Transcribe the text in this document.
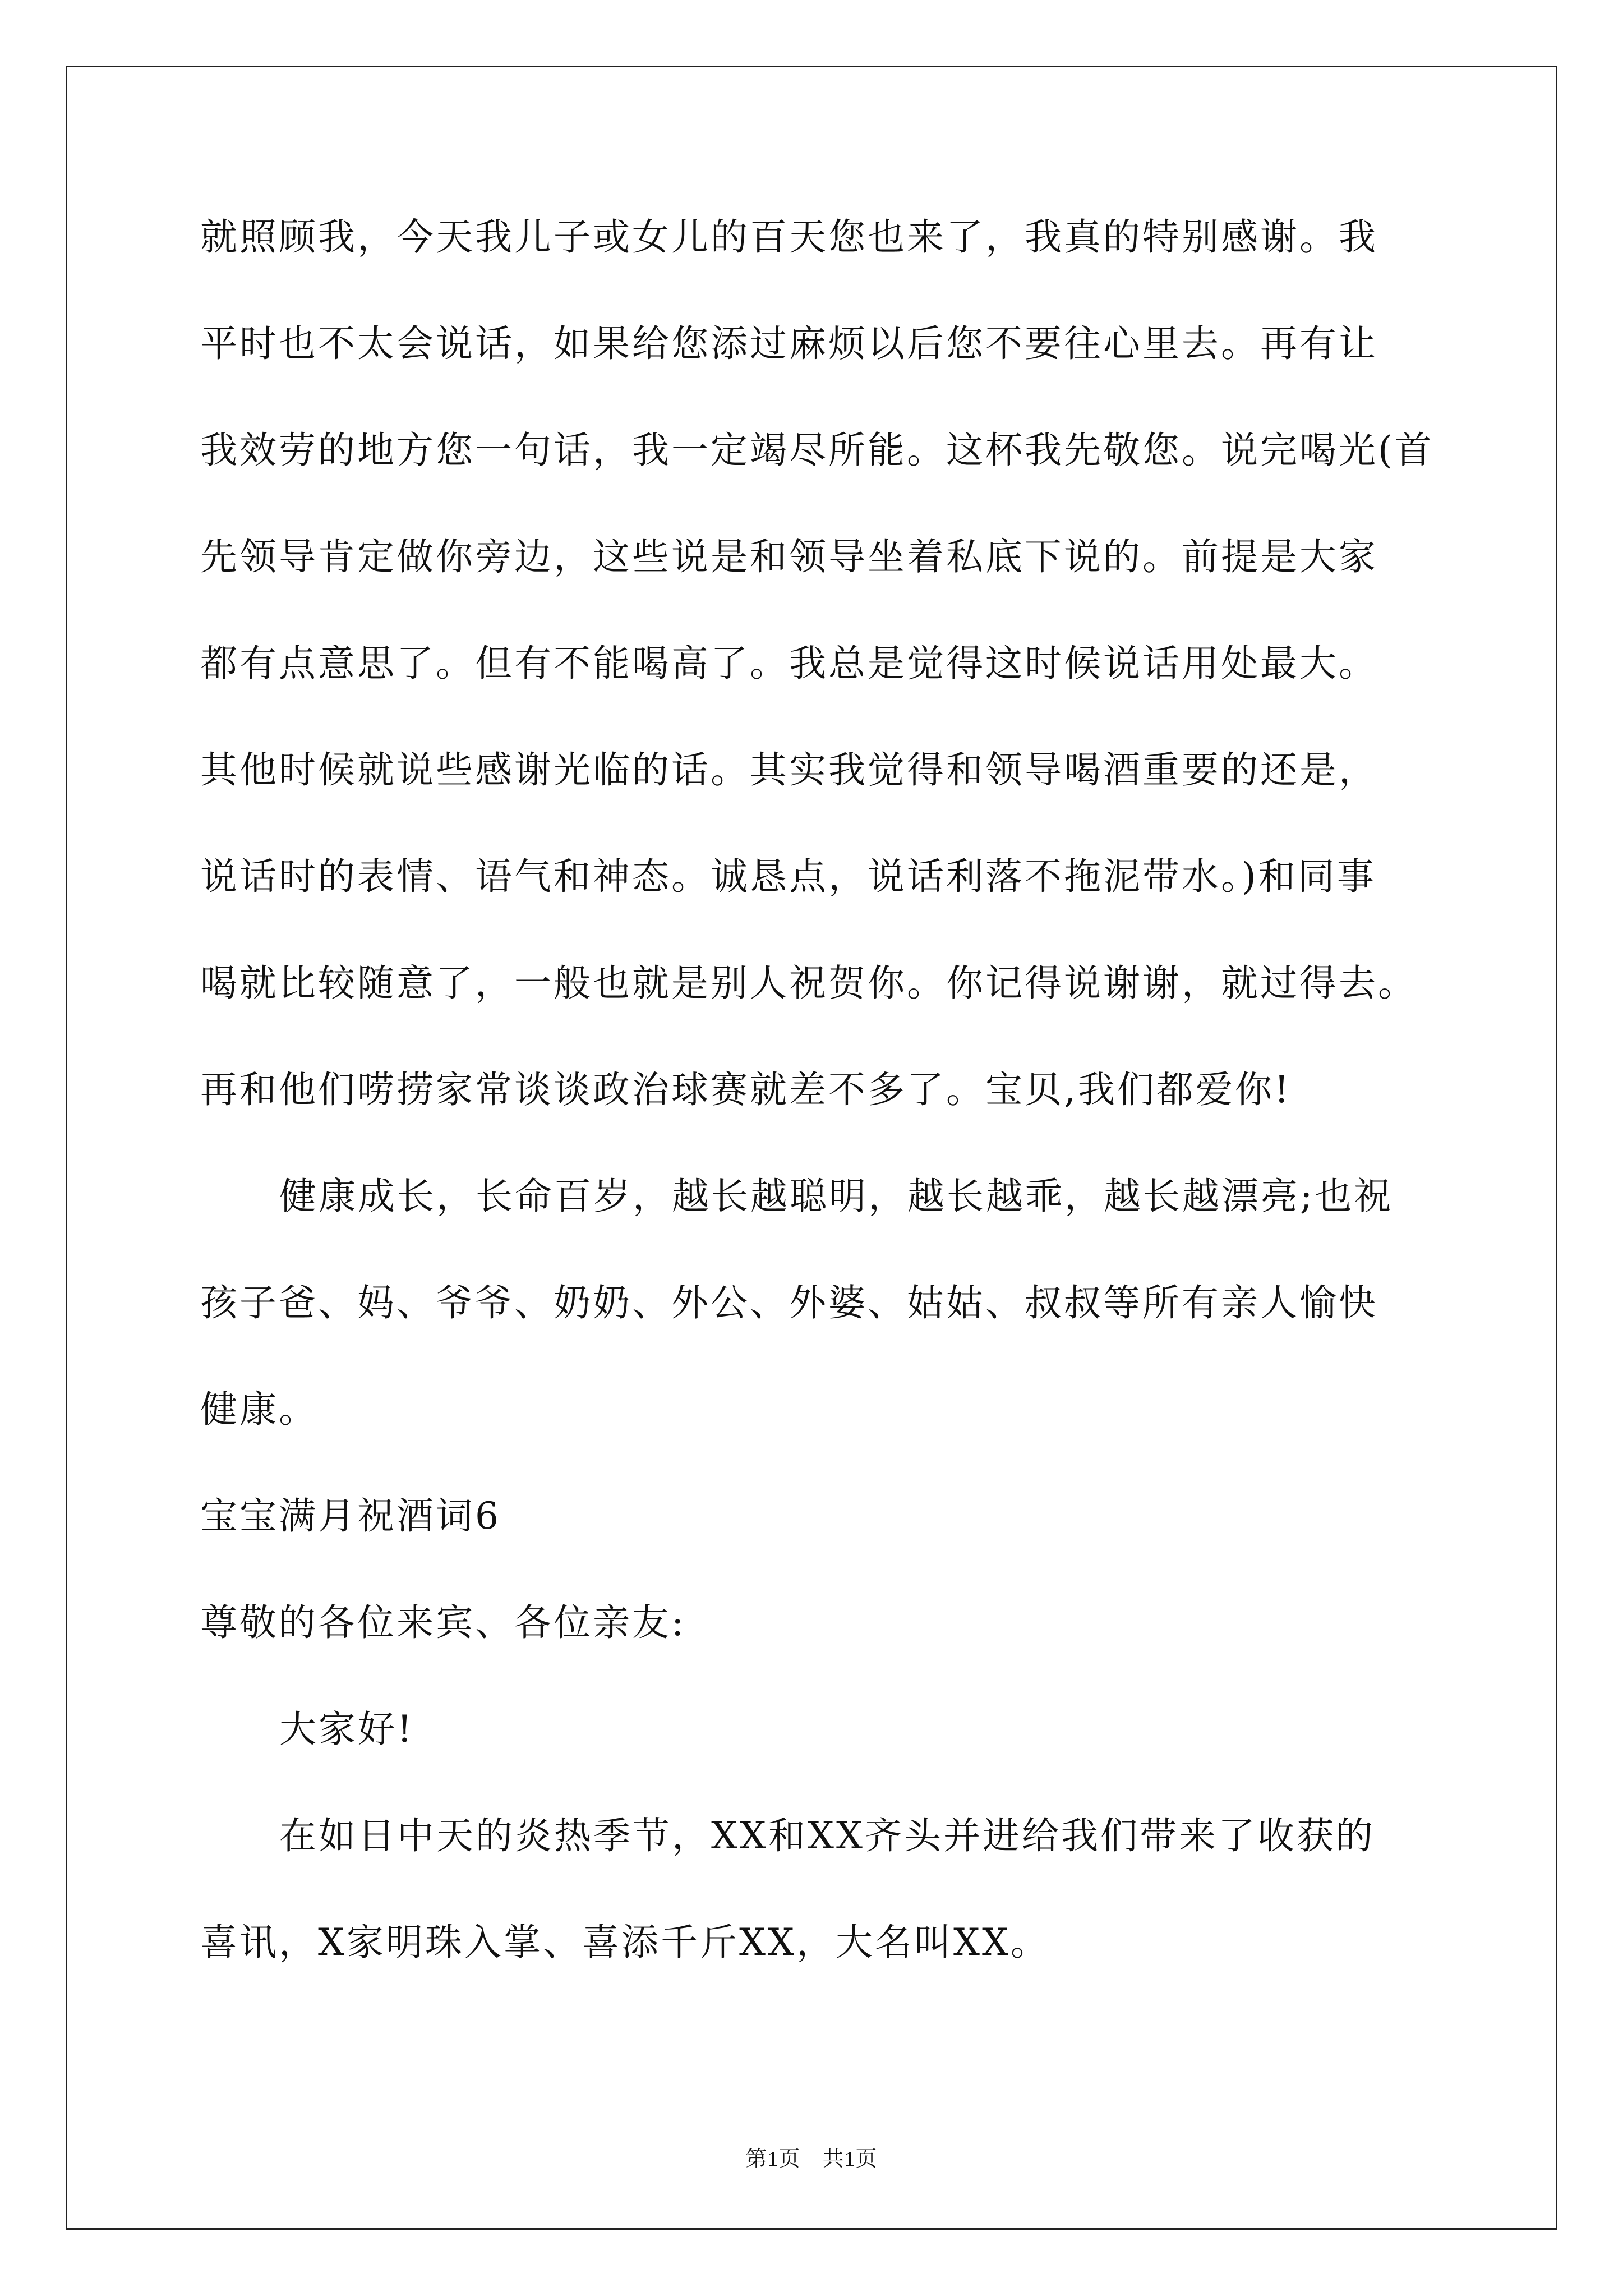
就照顾我，今天我儿子或女儿的百天您也来了，我真的特别感谢。我
平时也不太会说话，如果给您添过麻烦以后您不要往心里去。再有让
我效劳的地方您一句话，我一定竭尽所能。这杯我先敬您。说完喝光(首
先领导肯定做你旁边，这些说是和领导坐着私底下说的。前提是大家
都有点意思了。但有不能喝高了。我总是觉得这时候说话用处最大。
其他时候就说些感谢光临的话。其实我觉得和领导喝酒重要的还是，
说话时的表情、语气和神态。诚恳点，说话利落不拖泥带水。)和同事
喝就比较随意了，一般也就是别人祝贺你。你记得说谢谢，就过得去。
再和他们唠捞家常谈谈政治球赛就差不多了。宝贝,我们都爱你!
健康成长，长命百岁，越长越聪明，越长越乖，越长越漂亮;也祝
孩子爸、妈、爷爷、奶奶、外公、外婆、姑姑、叔叔等所有亲人愉快
健康。
宝宝满月祝酒词6
尊敬的各位来宾、各位亲友:
大家好!
在如日中天的炎热季节，XX和XX齐头并进给我们带来了收获的
喜讯，X家明珠入掌、喜添千斤XX，大名叫XX。
第1页　共1页
